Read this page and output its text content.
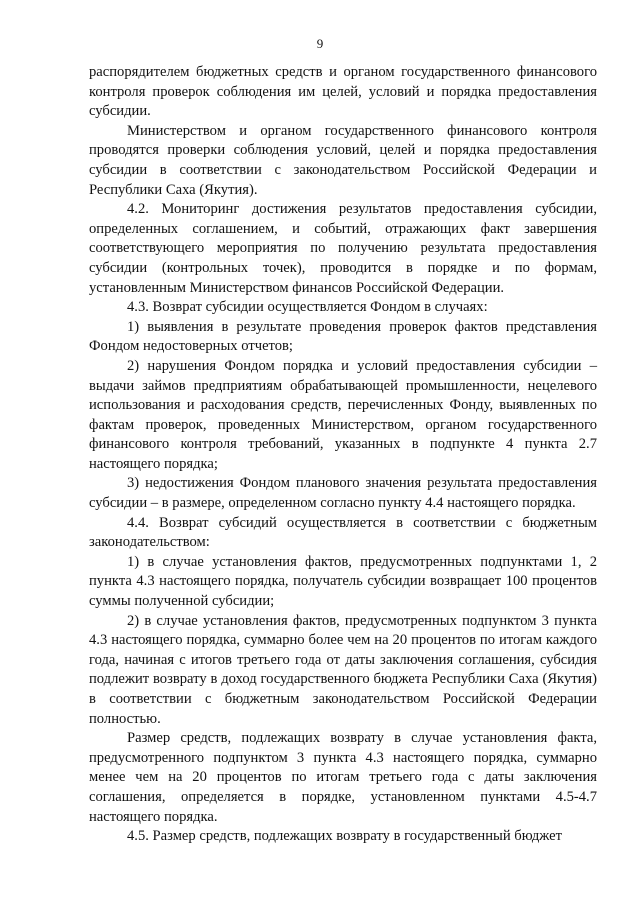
9

распорядителем бюджетных средств и органом государственного финансового контроля проверок соблюдения им целей, условий и порядка предоставления субсидии.

Министерством и органом государственного финансового контроля проводятся проверки соблюдения условий, целей и порядка предоставления субсидии в соответствии с законодательством Российской Федерации и Республики Саха (Якутия).

4.2. Мониторинг достижения результатов предоставления субсидии, определенных соглашением, и событий, отражающих факт завершения соответствующего мероприятия по получению результата предоставления субсидии (контрольных точек), проводится в порядке и по формам, установленным Министерством финансов Российской Федерации.

4.3. Возврат субсидии осуществляется Фондом в случаях:

1) выявления в результате проведения проверок фактов представления Фондом недостоверных отчетов;

2) нарушения Фондом порядка и условий предоставления субсидии – выдачи займов предприятиям обрабатывающей промышленности, нецелевого использования и расходования средств, перечисленных Фонду, выявленных по фактам проверок, проведенных Министерством, органом государственного финансового контроля требований, указанных в подпункте 4 пункта 2.7 настоящего порядка;

3) недостижения Фондом планового значения результата предоставления субсидии – в размере, определенном согласно пункту 4.4 настоящего порядка.

4.4. Возврат субсидий осуществляется в соответствии с бюджетным законодательством:

1) в случае установления фактов, предусмотренных подпунктами 1, 2 пункта 4.3 настоящего порядка, получатель субсидии возвращает 100 процентов суммы полученной субсидии;

2) в случае установления фактов, предусмотренных подпунктом 3 пункта 4.3 настоящего порядка, суммарно более чем на 20 процентов по итогам каждого года, начиная с итогов третьего года от даты заключения соглашения, субсидия подлежит возврату в доход государственного бюджета Республики Саха (Якутия) в соответствии с бюджетным законодательством Российской Федерации полностью.

Размер средств, подлежащих возврату в случае установления факта, предусмотренного подпунктом 3 пункта 4.3 настоящего порядка, суммарно менее чем на 20 процентов по итогам третьего года с даты заключения соглашения, определяется в порядке, установленном пунктами 4.5-4.7 настоящего порядка.

4.5. Размер средств, подлежащих возврату в государственный бюджет
